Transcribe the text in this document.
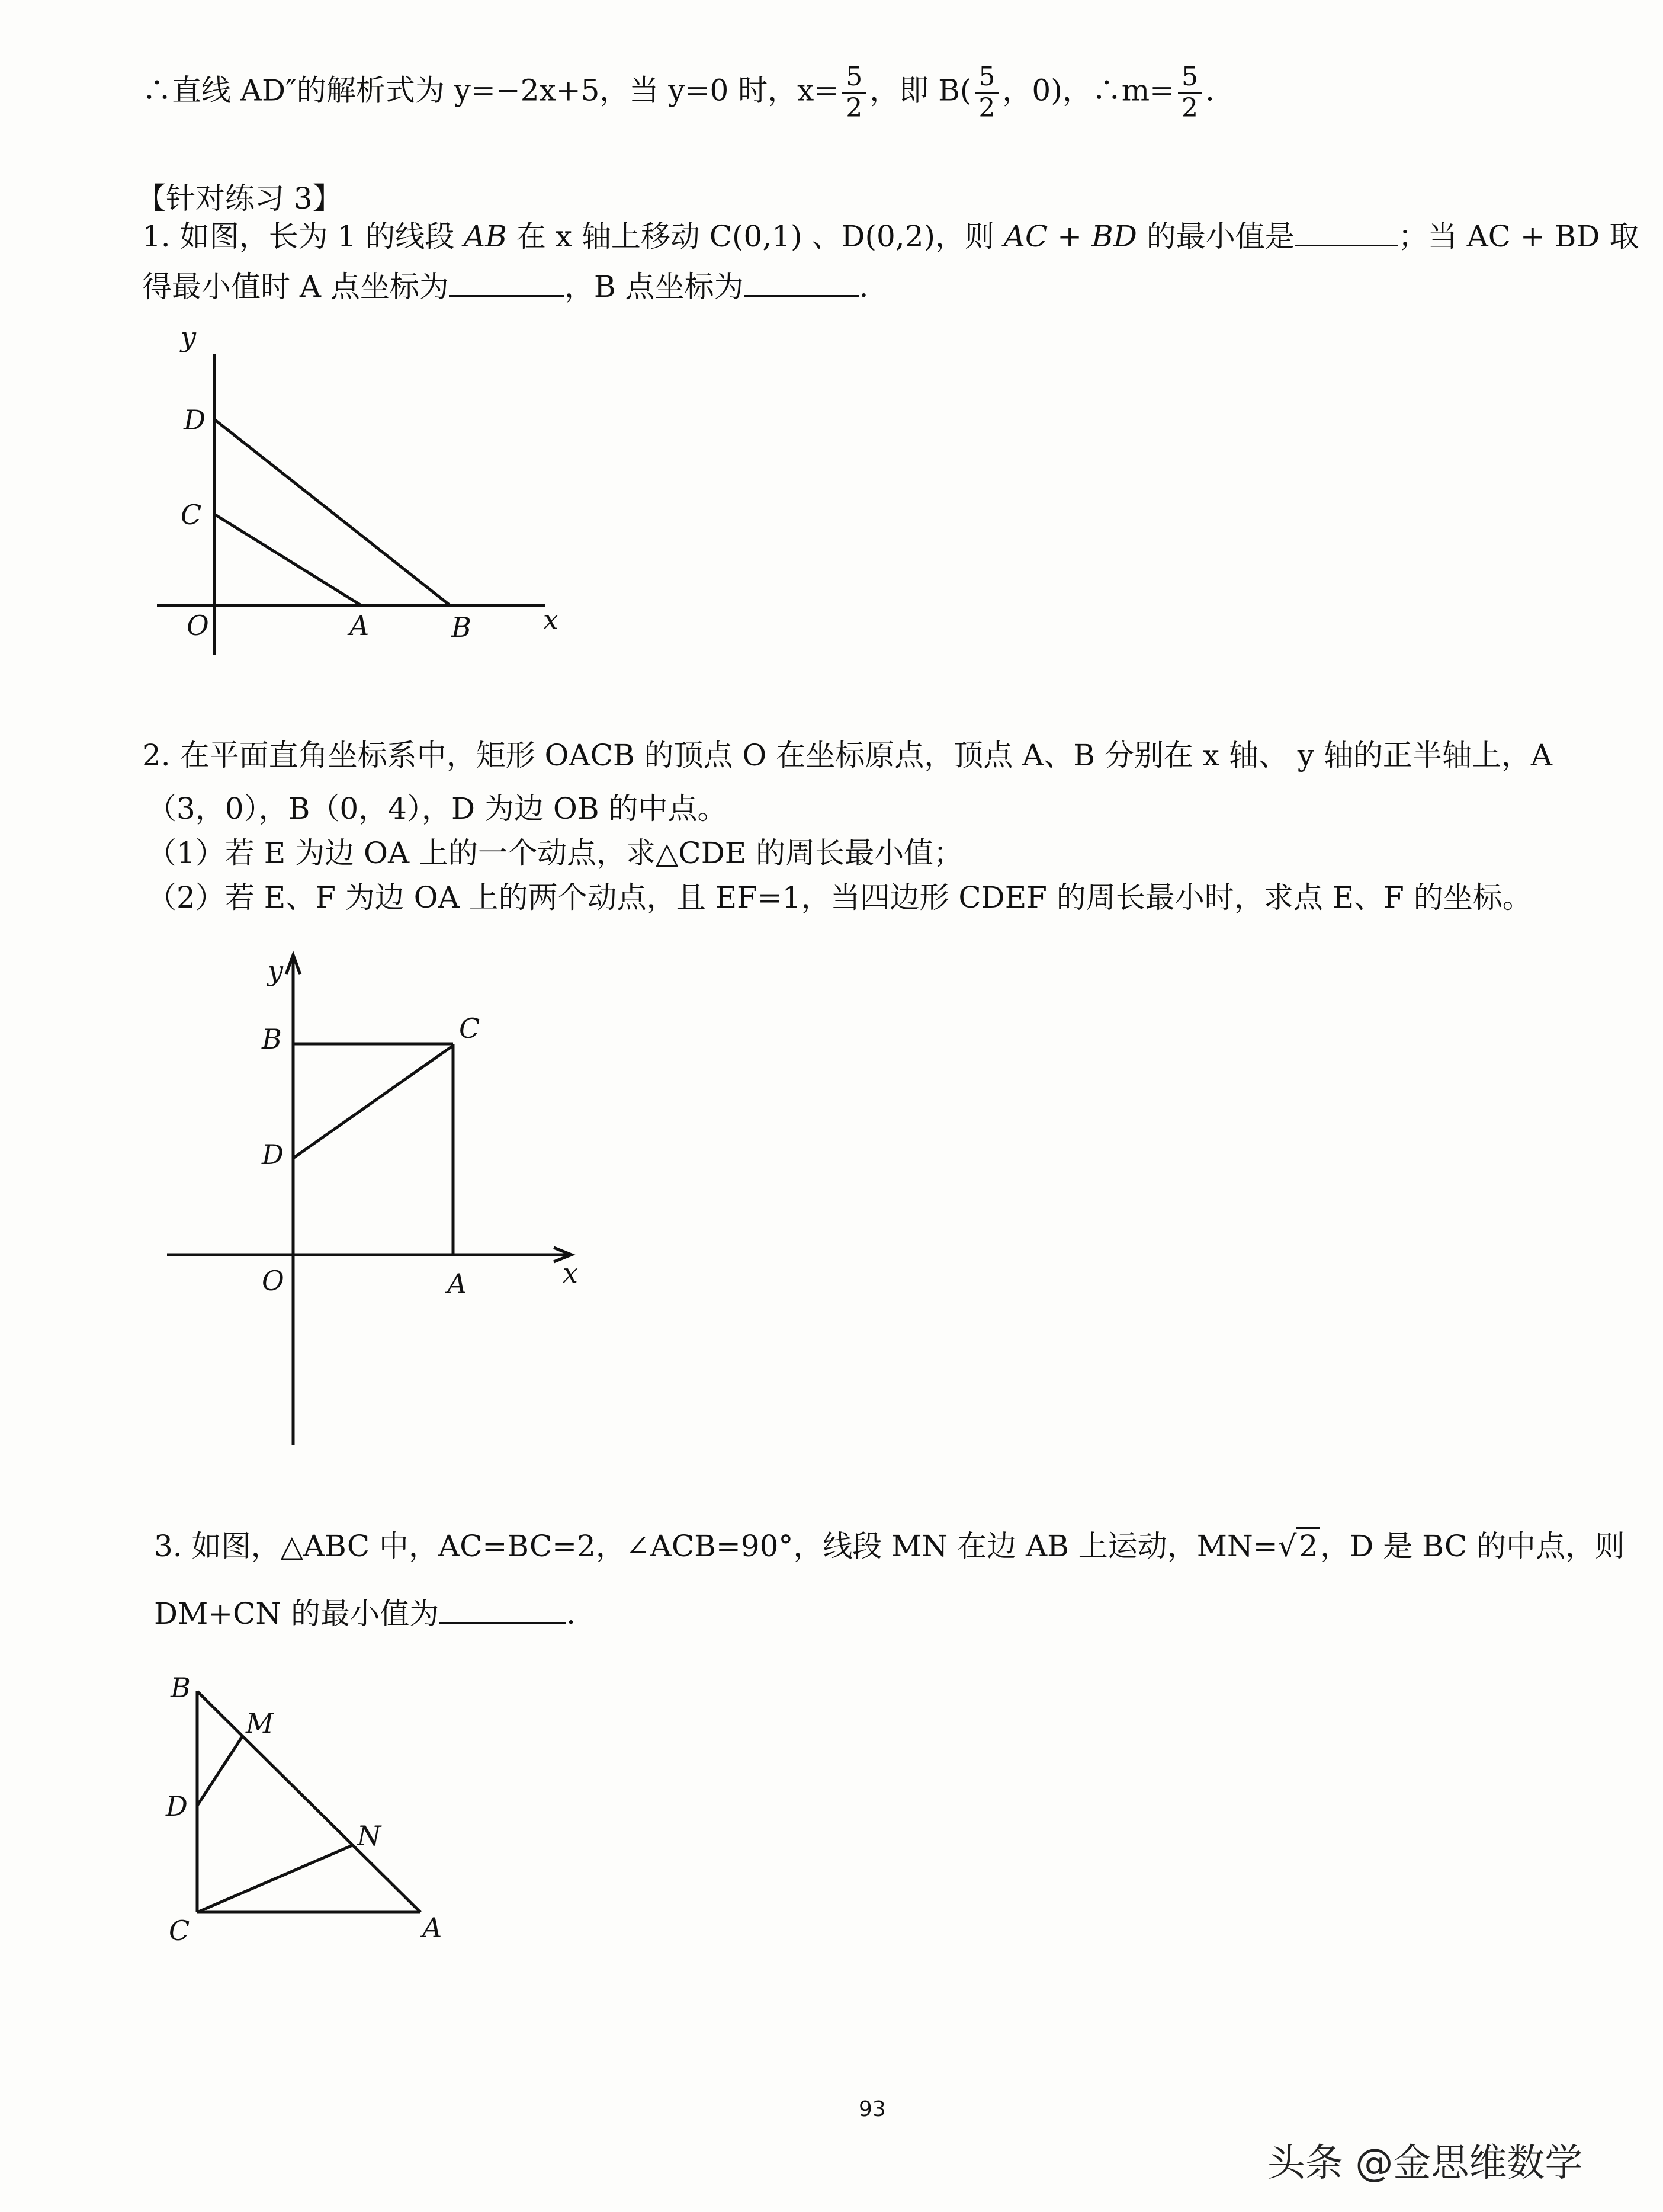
∴直线 AD″的解析式为 y=−2x+5，当 y=0 时，$x= \frac{5}{2}$ ，即 $B( \frac{5}{2}$ ，0)，∴m= $\frac{5}{2}$ .
【针对练习 3】
1. 如图，长为 1 的线段 AB 在 x 轴上移动 C(0,1) 、D(0,2)，则 AC + BD 的最小值是	；当 AC + BD 取
得最小值时 A 点坐标为	，B 点坐标为	.
y
D
C
O	A	B	x
2. 在平面直角坐标系中，矩形 OACB 的顶点 O 在坐标原点，顶点 A、B 分别在 x 轴、 y 轴的正半轴上，A
（3，0），B（0，4），D 为边 OB 的中点。
（1）若 E 为边 OA 上的一个动点，求△CDE 的周长最小值；
（2）若 E、F 为边 OA 上的两个动点，且 EF=1，当四边形 CDEF 的周长最小时，求点 E、F 的坐标。
y
B	C
D
O	A	x
3. 如图，△ABC 中，AC=BC=2，∠ACB=90°，线段 MN 在边 AB 上运动，MN=√2，D 是 BC 的中点，则
DM+CN 的最小值为	.
B
M
D
N
C	A
93
头条 @金思维数学
